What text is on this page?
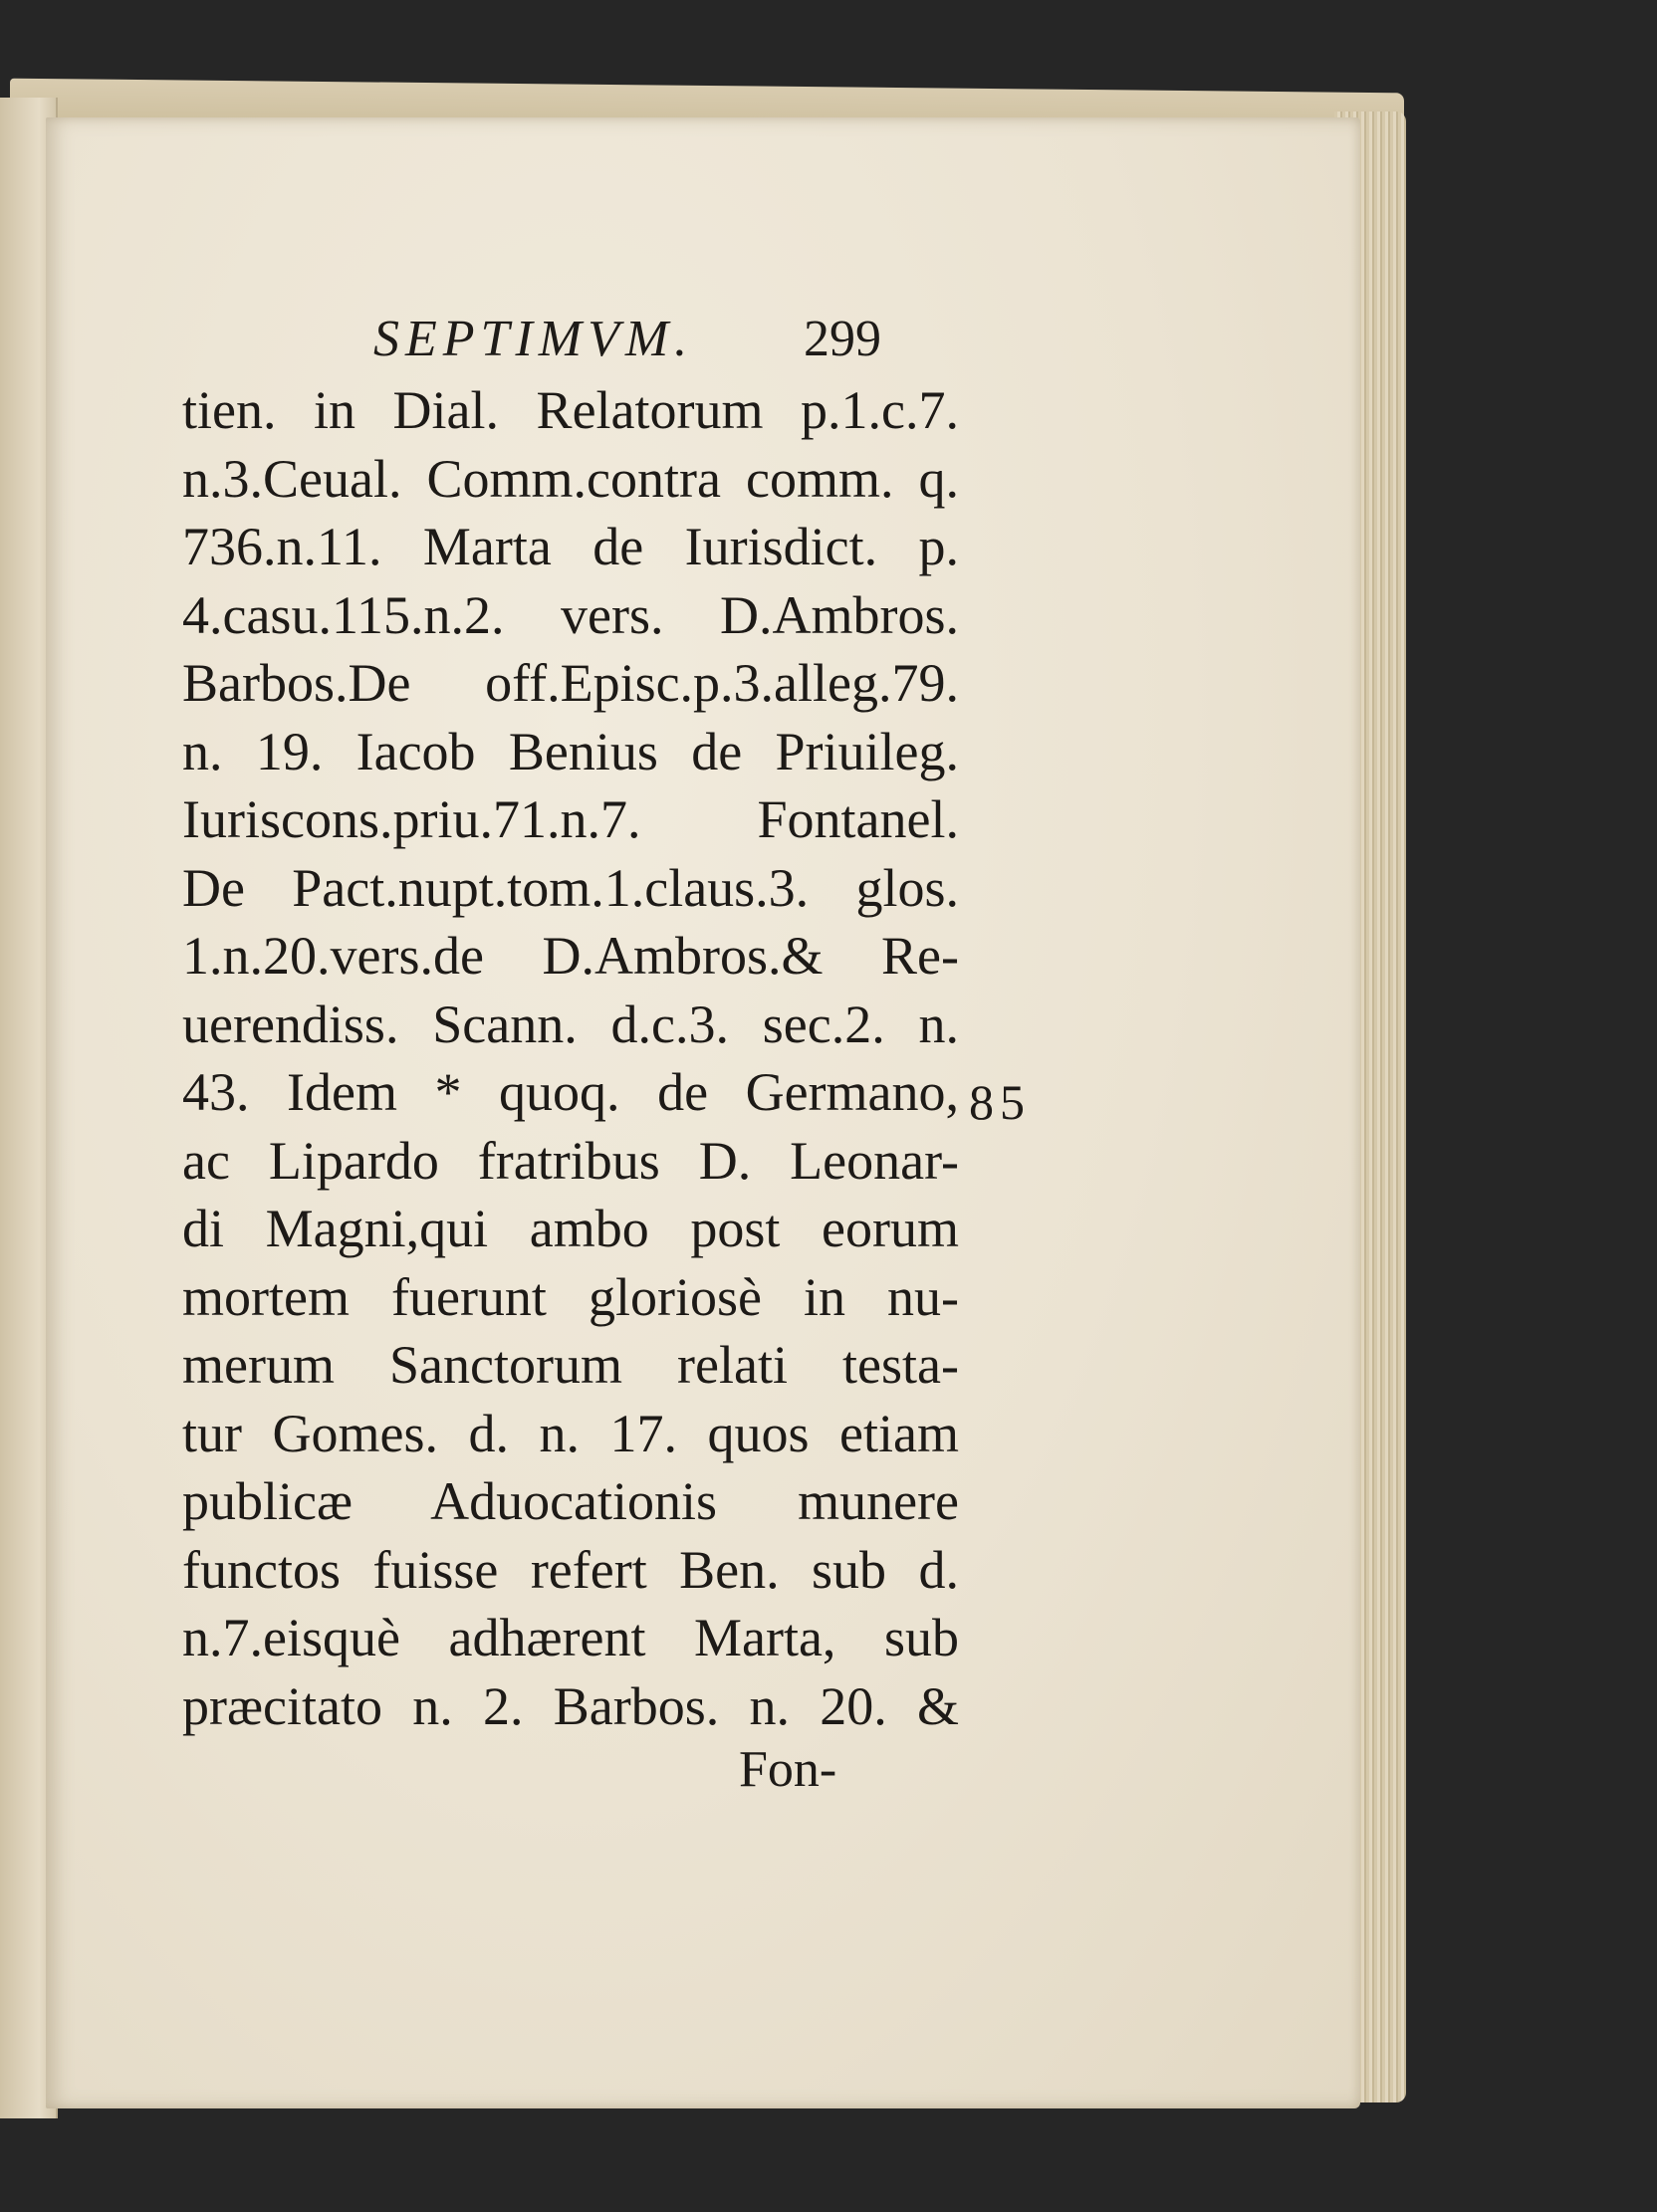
SEPTIMVM. 299
tien. in Dial. Relatorum p.1.c.7.
n.3.Ceual. Comm.contra comm. q.
736.n.11. Marta de Iurisdict. p.
4.casu.115.n.2. vers. D.Ambros.
Barbos.De off.Episc.p.3.alleg.79.
n. 19. Iacob Benius de Priuileg.
Iuriscons.priu.71.n.7. Fontanel.
De Pact.nupt.tom.1.claus.3. glos.
1.n.20.vers.de D.Ambros.& Re-
uerendiss. Scann. d.c.3. sec.2. n.
43. Idem * quoq. de Germano,
ac Lipardo fratribus D. Leonar-
di Magni,qui ambo post eorum
mortem fuerunt gloriosè in nu-
merum Sanctorum relati testa-
tur Gomes. d. n. 17. quos etiam
publicæ Aduocationis munere
functos fuisse refert Ben. sub d.
n.7.eisquè adhærent Marta, sub
præcitato n. 2. Barbos. n. 20. &
85
Fon-
